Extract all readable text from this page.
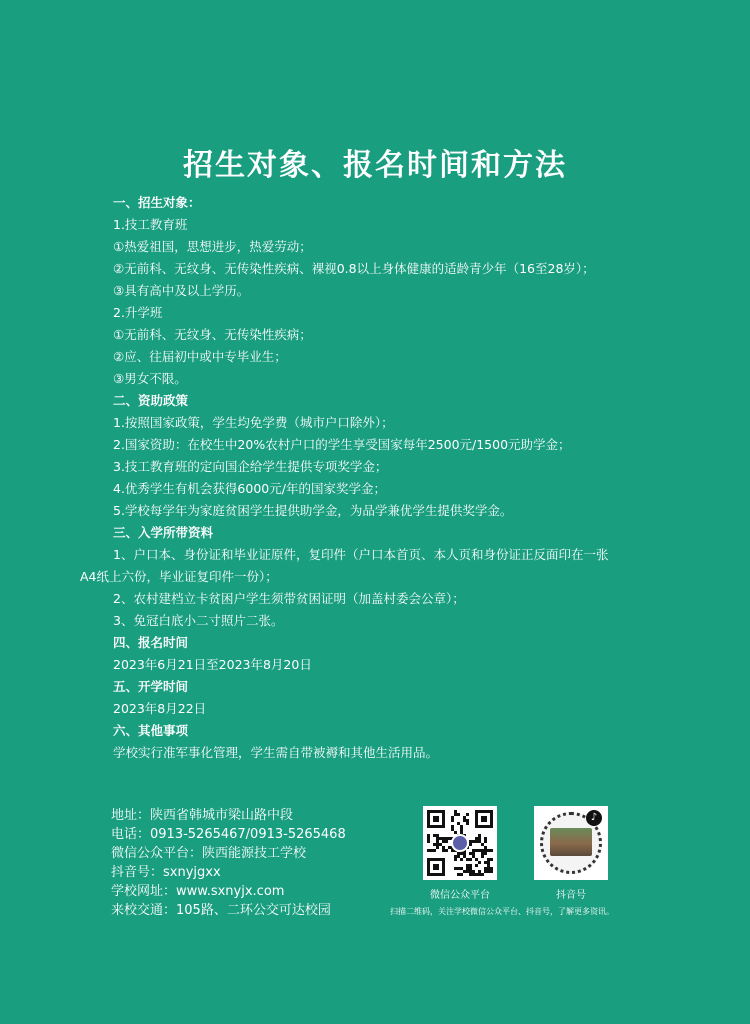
招生对象、报名时间和方法
一、招生对象：
1.技工教育班
①热爱祖国，思想进步，热爱劳动；
②无前科、无纹身、无传染性疾病、裸视0.8以上身体健康的适龄青少年（16至28岁）；
③具有高中及以上学历。
2.升学班
①无前科、无纹身、无传染性疾病；
②应、往届初中或中专毕业生；
③男女不限。
二、资助政策
1.按照国家政策，学生均免学费（城市户口除外）；
2.国家资助：在校生中20%农村户口的学生享受国家每年2500元/1500元助学金；
3.技工教育班的定向国企给学生提供专项奖学金；
4.优秀学生有机会获得6000元/年的国家奖学金；
5.学校每学年为家庭贫困学生提供助学金，为品学兼优学生提供奖学金。
三、入学所带资料
1、户口本、身份证和毕业证原件，复印件（户口本首页、本人页和身份证正反面印在一张
A4纸上六份，毕业证复印件一份）；
2、农村建档立卡贫困户学生须带贫困证明（加盖村委会公章）；
3、免冠白底小二寸照片二张。
四、报名时间
2023年6月21日至2023年8月20日
五、开学时间
2023年8月22日
六、其他事项
学校实行准军事化管理，学生需自带被褥和其他生活用品。
地址：陕西省韩城市梁山路中段
电话：0913-5265467/0913-5265468
微信公众平台：陕西能源技工学校
抖音号：sxnyjgxx
学校网址：www.sxnyjx.com
来校交通：105路、二环公交可达校园
微信公众平台
♪
抖音号
扫描二维码，关注学校微信公众平台、抖音号，了解更多资讯。
